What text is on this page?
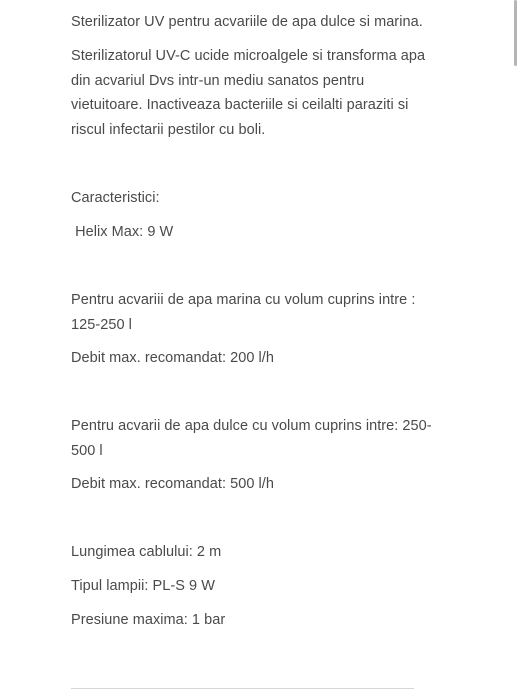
Sterilizator UV pentru acvariile de apa dulce si marina.
Sterilizatorul UV-C ucide microalgele si transforma apa
din acvariul Dvs intr-un mediu sanatos pentru
vietuitoare. Inactiveaza bacteriile si ceilalti paraziti si
riscul infectarii pestilor cu boli.
Caracteristici:
Helix Max: 9 W
Pentru acvariii de apa marina cu volum cuprins intre :
125-250 l
Debit max. recomandat: 200 l/h
Pentru acvarii de apa dulce cu volum cuprins intre: 250-
500 l
Debit max. recomandat: 500 l/h
Lungimea cablului: 2 m
Tipul lampii: PL-S 9 W
Presiune maxima: 1 bar
